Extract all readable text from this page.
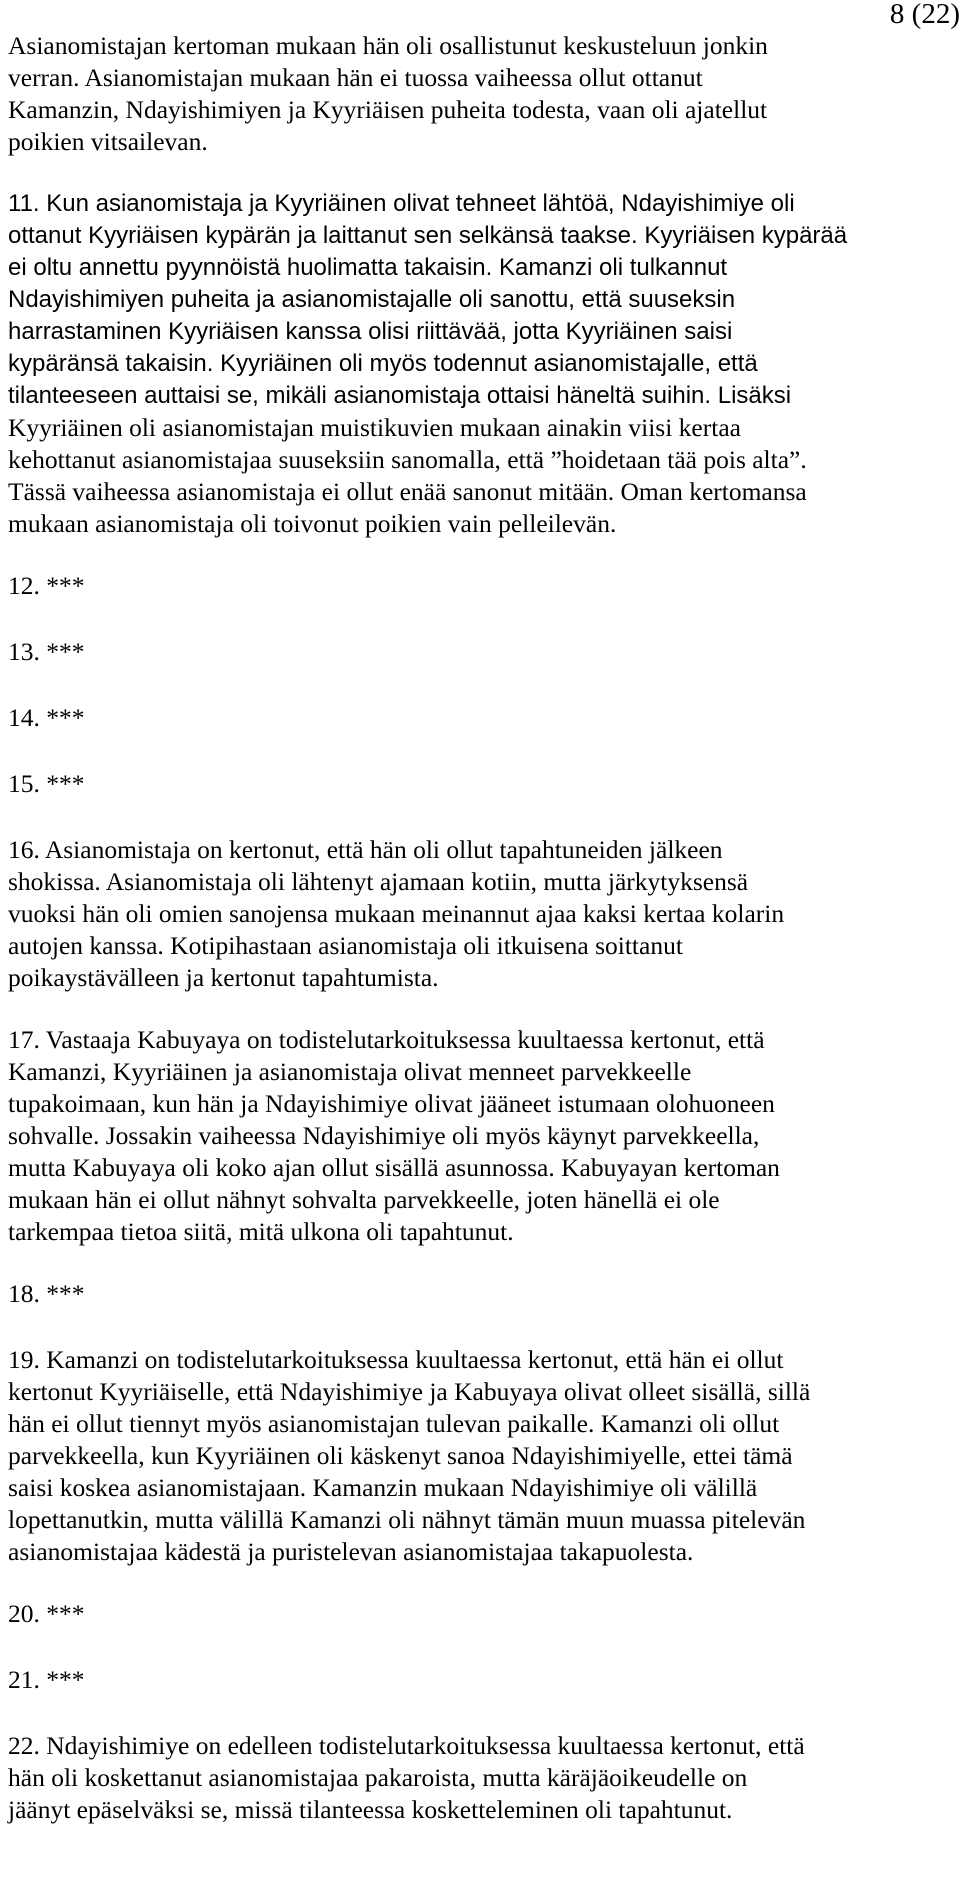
8 (22)
Asianomistajan kertoman mukaan hän oli osallistunut keskusteluun jonkin
verran. Asianomistajan mukaan hän ei tuossa vaiheessa ollut ottanut
Kamanzin, Ndayishimiyen ja Kyyriäisen puheita todesta, vaan oli ajatellut
poikien vitsailevan.
11. Kun asianomistaja ja Kyyriäinen olivat tehneet lähtöä, Ndayishimiye oli
ottanut Kyyriäisen kypärän ja laittanut sen selkänsä taakse. Kyyriäisen kypärää
ei oltu annettu pyynnöistä huolimatta takaisin. Kamanzi oli tulkannut
Ndayishimiyen puheita ja asianomistajalle oli sanottu, että suuseksin
harrastaminen Kyyriäisen kanssa olisi riittävää, jotta Kyyriäinen saisi
kypäränsä takaisin. Kyyriäinen oli myös todennut asianomistajalle, että
tilanteeseen auttaisi se, mikäli asianomistaja ottaisi häneltä suihin. Lisäksi
Kyyriäinen oli asianomistajan muistikuvien mukaan ainakin viisi kertaa
kehottanut asianomistajaa suuseksiin sanomalla, että ”hoidetaan tää pois alta”.
Tässä vaiheessa asianomistaja ei ollut enää sanonut mitään. Oman kertomansa
mukaan asianomistaja oli toivonut poikien vain pelleilevän.
12. ***
13. ***
14. ***
15. ***
16. Asianomistaja on kertonut, että hän oli ollut tapahtuneiden jälkeen
shokissa. Asianomistaja oli lähtenyt ajamaan kotiin, mutta järkytyksensä
vuoksi hän oli omien sanojensa mukaan meinannut ajaa kaksi kertaa kolarin
autojen kanssa. Kotipihastaan asianomistaja oli itkuisena soittanut
poikaystävälleen ja kertonut tapahtumista.
17. Vastaaja Kabuyaya on todistelutarkoituksessa kuultaessa kertonut, että
Kamanzi, Kyyriäinen ja asianomistaja olivat menneet parvekkeelle
tupakoimaan, kun hän ja Ndayishimiye olivat jääneet istumaan olohuoneen
sohvalle. Jossakin vaiheessa Ndayishimiye oli myös käynyt parvekkeella,
mutta Kabuyaya oli koko ajan ollut sisällä asunnossa. Kabuyayan kertoman
mukaan hän ei ollut nähnyt sohvalta parvekkeelle, joten hänellä ei ole
tarkempaa tietoa siitä, mitä ulkona oli tapahtunut.
18. ***
19. Kamanzi on todistelutarkoituksessa kuultaessa kertonut, että hän ei ollut
kertonut Kyyriäiselle, että Ndayishimiye ja Kabuyaya olivat olleet sisällä, sillä
hän ei ollut tiennyt myös asianomistajan tulevan paikalle. Kamanzi oli ollut
parvekkeella, kun Kyyriäinen oli käskenyt sanoa Ndayishimiyelle, ettei tämä
saisi koskea asianomistajaan. Kamanzin mukaan Ndayishimiye oli välillä
lopettanutkin, mutta välillä Kamanzi oli nähnyt tämän muun muassa pitelevän
asianomistajaa kädestä ja puristelevan asianomistajaa takapuolesta.
20. ***
21. ***
22. Ndayishimiye on edelleen todistelutarkoituksessa kuultaessa kertonut, että
hän oli koskettanut asianomistajaa pakaroista, mutta käräjäoikeudelle on
jäänyt epäselväksi se, missä tilanteessa kosketteleminen oli tapahtunut.
